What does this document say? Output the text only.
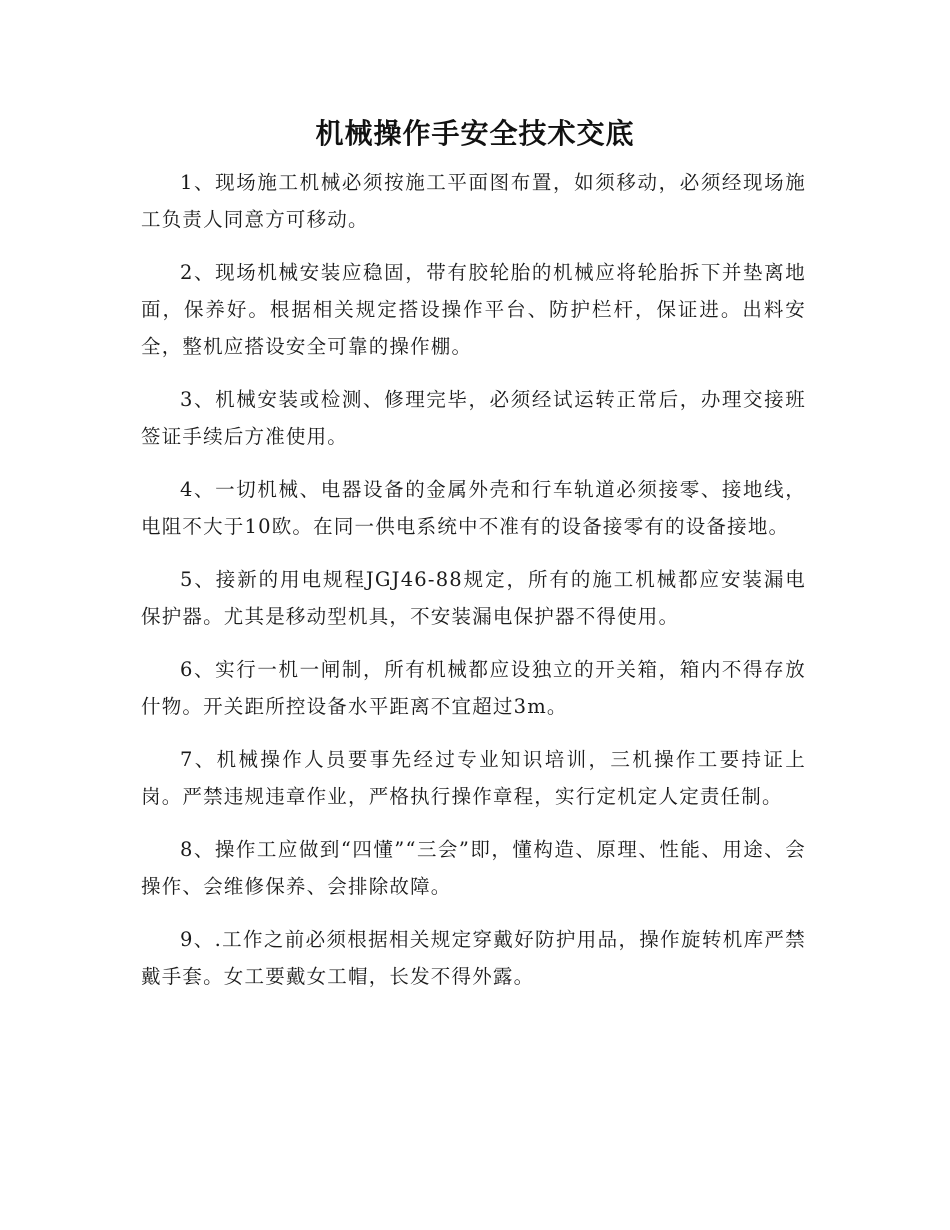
机械操作手安全技术交底

1、现场施工机械必须按施工平面图布置，如须移动，必须经现场施工负责人同意方可移动。

2、现场机械安装应稳固，带有胶轮胎的机械应将轮胎拆下并垫离地面，保养好。根据相关规定搭设操作平台、防护栏杆，保证进。出料安全，整机应搭设安全可靠的操作棚。

3、机械安装或检测、修理完毕，必须经试运转正常后，办理交接班签证手续后方准使用。

4、一切机械、电器设备的金属外壳和行车轨道必须接零、接地线，电阻不大于10欧。在同一供电系统中不准有的设备接零有的设备接地。

5、接新的用电规程JGJ46-88规定，所有的施工机械都应安装漏电保护器。尤其是移动型机具，不安装漏电保护器不得使用。

6、实行一机一闸制，所有机械都应设独立的开关箱，箱内不得存放什物。开关距所控设备水平距离不宜超过3m。

7、机械操作人员要事先经过专业知识培训，三机操作工要持证上岗。严禁违规违章作业，严格执行操作章程，实行定机定人定责任制。

8、操作工应做到“四懂”“三会”即，懂构造、原理、性能、用途、会操作、会维修保养、会排除故障。

9、.工作之前必须根据相关规定穿戴好防护用品，操作旋转机库严禁戴手套。女工要戴女工帽，长发不得外露。
